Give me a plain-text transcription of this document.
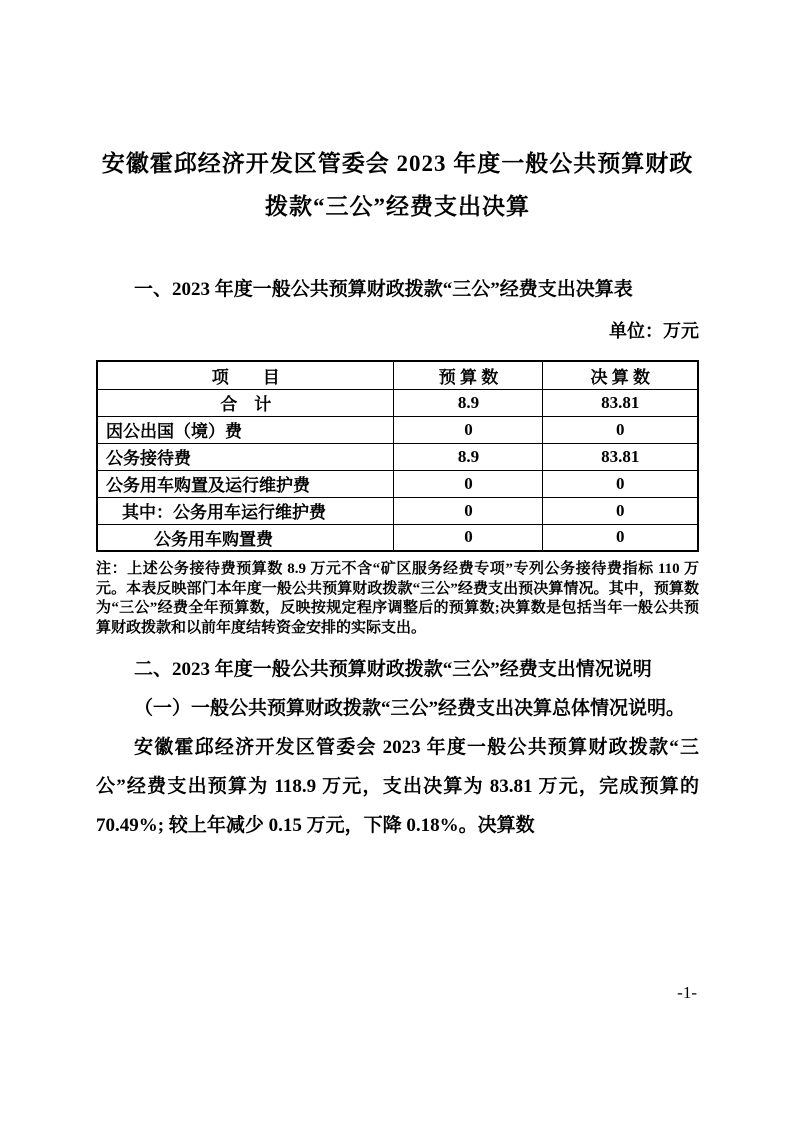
安徽霍邱经济开发区管委会 2023 年度一般公共预算财政
拨款“三公”经费支出决算
一、2023 年度一般公共预算财政拨款“三公”经费支出决算表
单位：万元
项　　目	预 算 数	决 算 数
合　计	8.9	83.81
因公出国（境）费	0	0
公务接待费	8.9	83.81
公务用车购置及运行维护费	0	0
其中：公务用车运行维护费	0	0
公务用车购置费	0	0
注：上述公务接待费预算数 8.9 万元不含“矿区服务经费专项”专列公务接待费指标 110 万元。本表反映部门本年度一般公共预算财政拨款“三公”经费支出预决算情况。其中，预算数为“三公”经费全年预算数，反映按规定程序调整后的预算数;决算数是包括当年一般公共预算财政拨款和以前年度结转资金安排的实际支出。
二、2023 年度一般公共预算财政拨款“三公”经费支出情况说明
（一）一般公共预算财政拨款“三公”经费支出决算总体情况说明。
安徽霍邱经济开发区管委会 2023 年度一般公共预算财政拨款“三公”经费支出预算为 118.9 万元，支出决算为 83.81 万元，完成预算的 70.49%; 较上年减少 0.15 万元，下降 0.18%。决算数
-1-
